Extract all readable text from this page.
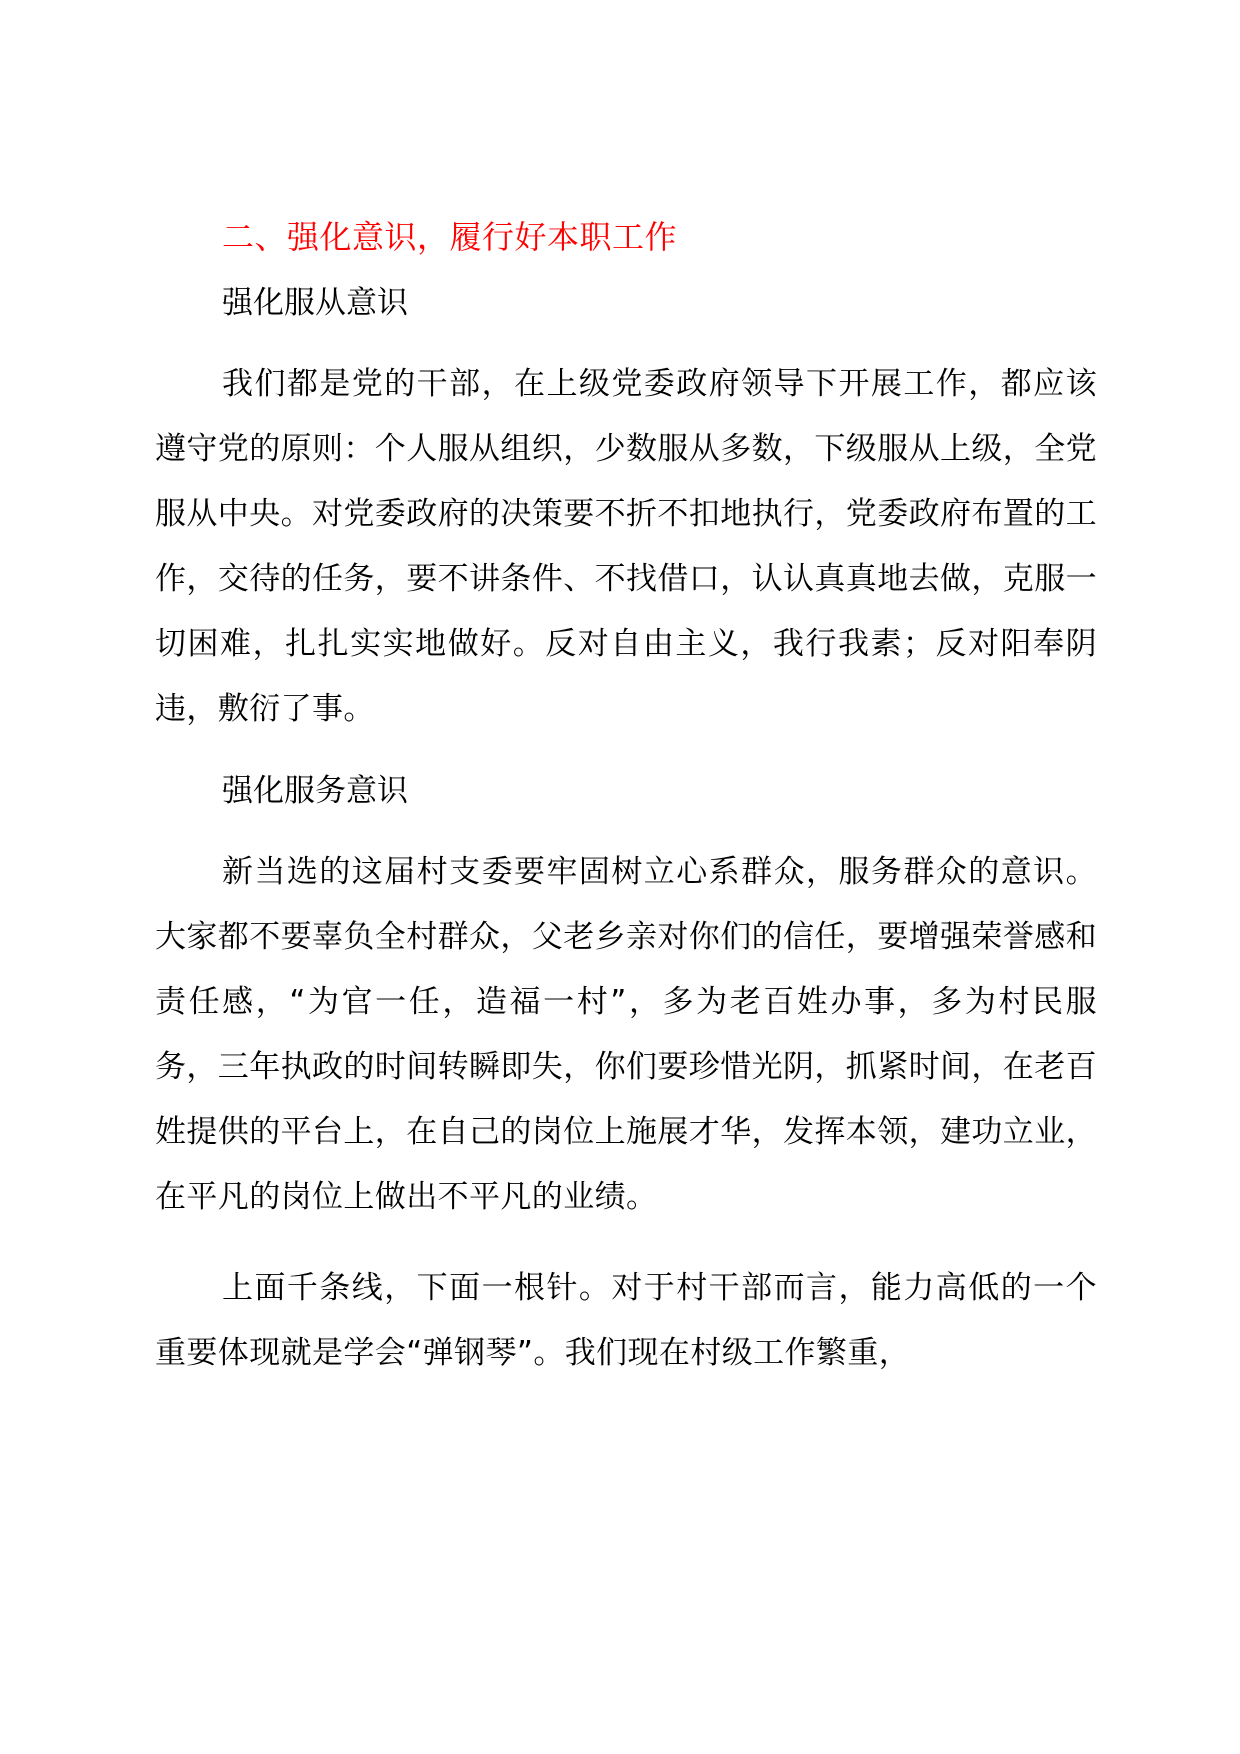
二、强化意识，履行好本职工作

强化服从意识

我们都是党的干部，在上级党委政府领导下开展工作，都应该遵守党的原则：个人服从组织，少数服从多数，下级服从上级，全党服从中央。对党委政府的决策要不折不扣地执行，党委政府布置的工作，交待的任务，要不讲条件、不找借口，认认真真地去做，克服一切困难，扎扎实实地做好。反对自由主义，我行我素；反对阳奉阴违，敷衍了事。

强化服务意识

新当选的这届村支委要牢固树立心系群众，服务群众的意识。大家都不要辜负全村群众，父老乡亲对你们的信任，要增强荣誉感和责任感，“为官一任，造福一村”，多为老百姓办事，多为村民服务，三年执政的时间转瞬即失，你们要珍惜光阴，抓紧时间，在老百姓提供的平台上，在自己的岗位上施展才华，发挥本领，建功立业，在平凡的岗位上做出不平凡的业绩。

上面千条线，下面一根针。对于村干部而言，能力高低的一个重要体现就是学会“弹钢琴”。我们现在村级工作繁重，
